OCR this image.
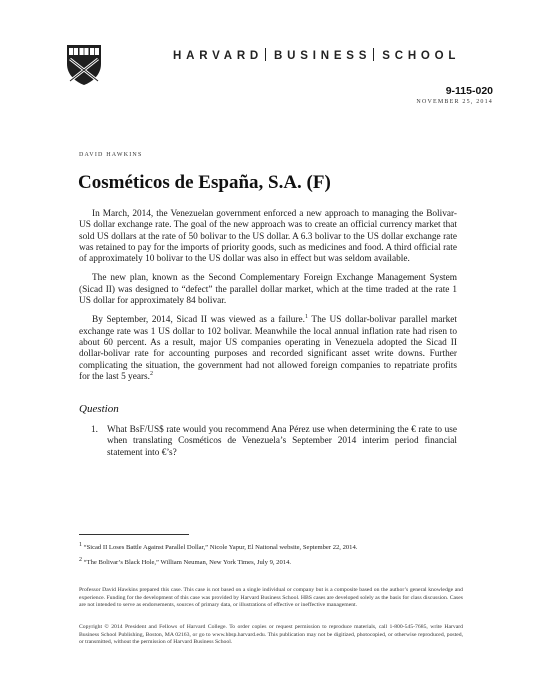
HARVARD BUSINESS SCHOOL
9-115-020
NOVEMBER 25, 2014
DAVID HAWKINS
Cosméticos de España, S.A. (F)

In March, 2014, the Venezuelan government enforced a new approach to managing the Bolivar-US dollar exchange rate. The goal of the new approach was to create an official currency market that sold US dollars at the rate of 50 bolivar to the US dollar. A 6.3 bolivar to the US dollar exchange rate was retained to pay for the imports of priority goods, such as medicines and food. A third official rate of approximately 10 bolivar to the US dollar was also in effect but was seldom available.

The new plan, known as the Second Complementary Foreign Exchange Management System (Sicad II) was designed to “defect” the parallel dollar market, which at the time traded at the rate 1 US dollar for approximately 84 bolivar.

By September, 2014, Sicad II was viewed as a failure.$^1$ The US dollar-bolivar parallel market exchange rate was 1 US dollar to 102 bolivar. Meanwhile the local annual inflation rate had risen to about 60 percent. As a result, major US companies operating in Venezuela adopted the Sicad II dollar-bolivar rate for accounting purposes and recorded significant asset write downs. Further complicating the situation, the government had not allowed foreign companies to repatriate profits for the last 5 years.$^2$

Question
1. What BsF/US$ rate would you recommend Ana Pérez use when determining the € rate to use when translating Cosméticos de Venezuela’s September 2014 interim period financial statement into €’s?
1 “Sicad II Loses Battle Against Parallel Dollar,” Nicole Yapur, El Naitonal website, September 22, 2014.
2 “The Bolivar’s Black Hole,” William Neuman, New York Times, July 9, 2014.
Professor David Hawkins prepared this case. This case is not based on a single individual or company but is a composite based on the author’s general knowledge and experience. Funding for the development of this case was provided by Harvard Business School. HBS cases are developed solely as the basis for class discussion. Cases are not intended to serve as endorsements, sources of primary data, or illustrations of effective or ineffective management.
Copyright © 2014 President and Fellows of Harvard College. To order copies or request permission to reproduce materials, call 1-800-545-7685, write Harvard Business School Publishing, Boston, MA 02163, or go to www.hbsp.harvard.edu. This publication may not be digitized, photocopied, or otherwise reproduced, posted, or transmitted, without the permission of Harvard Business School.
